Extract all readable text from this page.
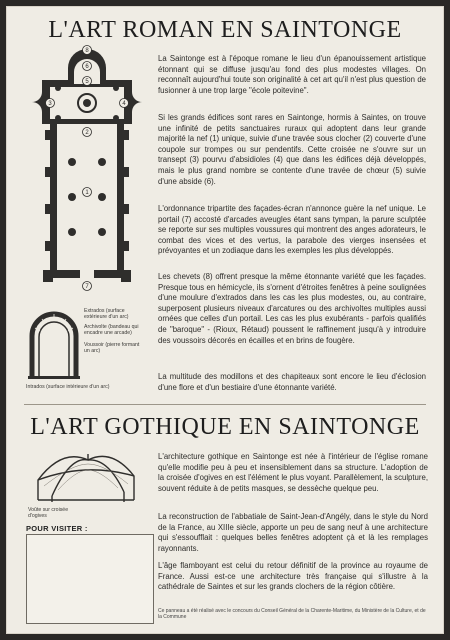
L'ART ROMAN EN SAINTONGE
8
6
5
4
3
2
1
7
Extrados (surface extérieure d'un arc)
Archivolte (bandeau qui encadre une arcade)
Voussoir (pierre formant un arc)
Intrados (surface intérieure d'un arc)

La Saintonge est à l'époque romane le lieu d'un épanouissement artistique étonnant qui se diffuse jusqu'au fond des plus modestes villages. On reconnaît aujourd'hui toute son originalité à cet art qu'il n'est plus question de fusionner à une trop large "école poitevine".

Si les grands édifices sont rares en Saintonge, hormis à Saintes, on trouve une infinité de petits sanctuaires ruraux qui adoptent dans leur grande majorité la nef (1) unique, suivie d'une travée sous clocher (2) couverte d'une coupole sur trompes ou sur pendentifs. Cette croisée ne s'ouvre sur un transept (3) pourvu d'absidioles (4) que dans les édifices déjà développés, mais le plus grand nombre se contente d'une travée de chœur (5) suivie d'une abside (6).

L'ordonnance tripartite des façades-écran n'annonce guère la nef unique. Le portail (7) accosté d'arcades aveugles étant sans tympan, la parure sculptée se reporte sur ses multiples voussures qui montrent des anges adorateurs, le combat des vices et des vertus, la parabole des vierges insensées et prévoyantes et un zodiaque dans les exemples les plus développés.

Les chevets (8) offrent presque la même étonnante variété que les façades. Presque tous en hémicycle, ils s'ornent d'étroites fenêtres à peine soulignées d'une moulure d'extrados dans les cas les plus modestes, ou, au contraire, superposent plusieurs niveaux d'arcatures ou des archivoltes multiples aussi ornées que celles d'un portail. Les cas les plus exubérants - parfois qualifiés de "baroque" - (Rioux, Rétaud) poussent le raffinement jusqu'à y introduire des voussoirs décorés en écailles et en brins de fougère.

La multitude des modillons et des chapiteaux sont encore le lieu d'éclosion d'une flore et d'un bestiaire d'une étonnante variété.

L'ART GOTHIQUE EN SAINTONGE
Voûte sur croisée d'ogives
POUR VISITER :

L'architecture gothique en Saintonge est née à l'intérieur de l'église romane qu'elle modifie peu à peu et insensiblement dans sa structure. L'adoption de la croisée d'ogives en est l'élément le plus voyant. Parallèlement, la sculpture, souvent réduite à de petits masques, se dessèche quelque peu.

La reconstruction de l'abbatiale de Saint-Jean-d'Angély, dans le style du Nord de la France, au XIIIe siècle, apporte un peu de sang neuf à une architecture qui s'essoufflait : quelques belles fenêtres adoptent çà et là les remplages rayonnants.

L'âge flamboyant est celui du retour définitif de la province au royaume de France. Aussi est-ce une architecture très française qui s'illustre à la cathédrale de Saintes et sur les grands clochers de la région côtière.

Ce panneau a été réalisé avec le concours du Conseil Général de la Charente-Maritime, du Ministère de la Culture, et de la Commune
